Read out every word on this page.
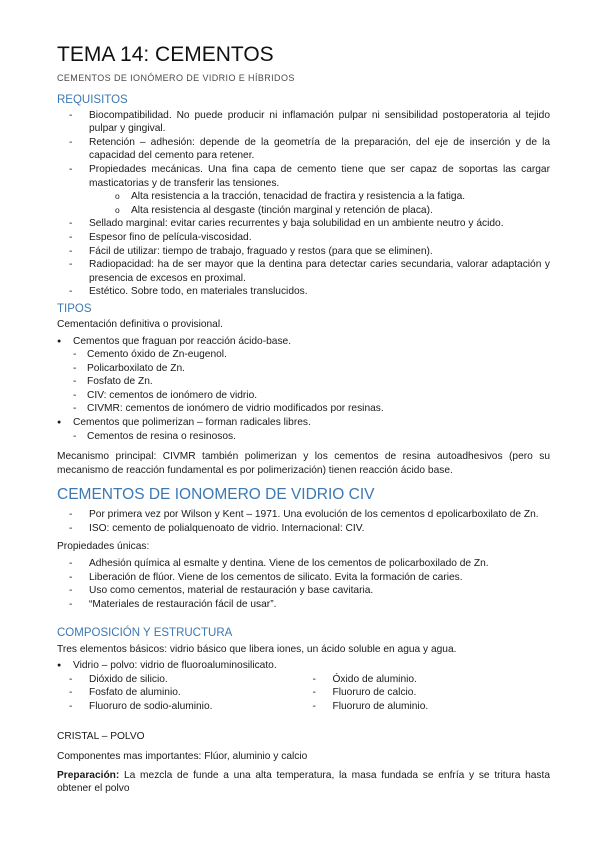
TEMA 14: CEMENTOS
CEMENTOS DE IONÓMERO DE VIDRIO E HÍBRIDOS
REQUISITOS
- Biocompatibilidad. No puede producir ni inflamación pulpar ni sensibilidad postoperatoria al tejido pulpar y gingival.
- Retención – adhesión: depende de la geometría de la preparación, del eje de inserción y de la capacidad del cemento para retener.
- Propiedades mecánicas. Una fina capa de cemento tiene que ser capaz de soportas las cargar masticatorias y de transferir las tensiones.
o Alta resistencia a la tracción, tenacidad de fractira y resistencia a la fatiga.
o Alta resistencia al desgaste (tinción marginal y retención de placa).
- Sellado marginal: evitar caries recurrentes y baja solubilidad en un ambiente neutro y ácido.
- Espesor fino de película-viscosidad.
- Fácil de utilizar: tiempo de trabajo, fraguado y restos (para que se eliminen).
- Radiopacidad: ha de ser mayor que la dentina para detectar caries secundaria, valorar adaptación y presencia de excesos en proximal.
- Estético. Sobre todo, en materiales translucidos.
TIPOS

Cementación definitiva o provisional.

● Cementos que fraguan por reacción ácido-base.
- Cemento óxido de Zn-eugenol.
- Policarboxilato de Zn.
- Fosfato de Zn.
- CIV: cementos de ionómero de vidrio.
- CIVMR: cementos de ionómero de vidrio modificados por resinas.
● Cementos que polimerizan – forman radicales libres.
- Cementos de resina o resinosos.

Mecanismo principal: CIVMR también polimerizan y los cementos de resina autoadhesivos (pero su mecanismo de reacción fundamental es por polimerización) tienen reacción ácido base.

CEMENTOS DE IONOMERO DE VIDRIO CIV
- Por primera vez por Wilson y Kent – 1971. Una evolución de los cementos d epolicarboxilato de Zn.
- ISO: cemento de polialquenoato de vidrio. Internacional: CIV.

Propiedades únicas:

- Adhesión química al esmalte y dentina. Viene de los cementos de policarboxilado de Zn.
- Liberación de flúor. Viene de los cementos de silicato. Evita la formación de caries.
- Uso como cementos, material de restauración y base cavitaria.
- “Materiales de restauración fácil de usar”.
COMPOSICIÓN Y ESTRUCTURA

Tres elementos básicos: vidrio básico que libera iones, un ácido soluble en agua y agua.

● Vidrio – polvo: vidrio de fluoroaluminosilicato.
- Dióxido de silicio.
- Fosfato de aluminio.
- Fluoruro de sodio-aluminio.
- Óxido de aluminio.
- Fluoruro de calcio.
- Fluoruro de aluminio.

CRISTAL – POLVO

Componentes mas importantes: Flúor, aluminio y calcio

Preparación: La mezcla de funde a una alta temperatura, la masa fundada se enfría y se tritura hasta obtener el polvo
